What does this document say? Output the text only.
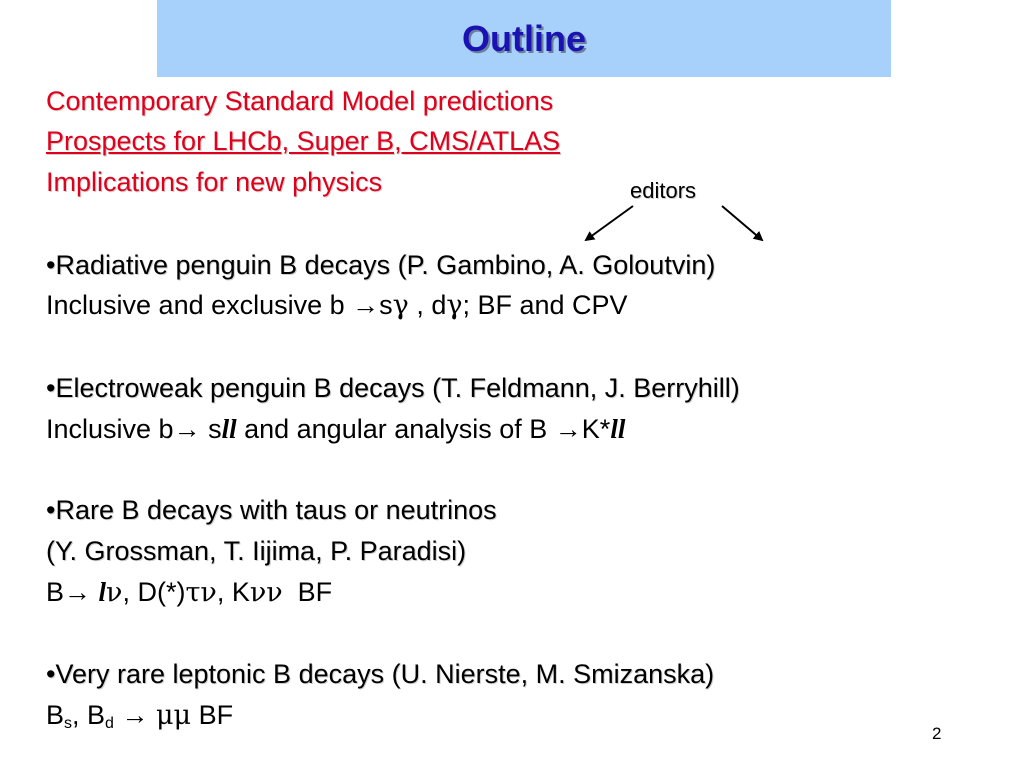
Outline
Contemporary Standard Model predictions
Prospects for LHCb, Super B, CMS/ATLAS
Implications for new physics	editors
•Radiative penguin B decays (P. Gambino, A. Goloutvin)
Inclusive and exclusive b →sγ , dγ; BF and CPV
•Electroweak penguin B decays (T. Feldmann, J. Berryhill)
Inclusive b→ sll and angular analysis of B →K*ll
•Rare B decays with taus or neutrinos
(Y. Grossman, T. Iijima, P. Paradisi)
B→ lν, D(*)τν, Kνν  BF
•Very rare leptonic B decays (U. Nierste, M. Smizanska)
$B_s$, $B_d \to \mu\mu$ BF
2
